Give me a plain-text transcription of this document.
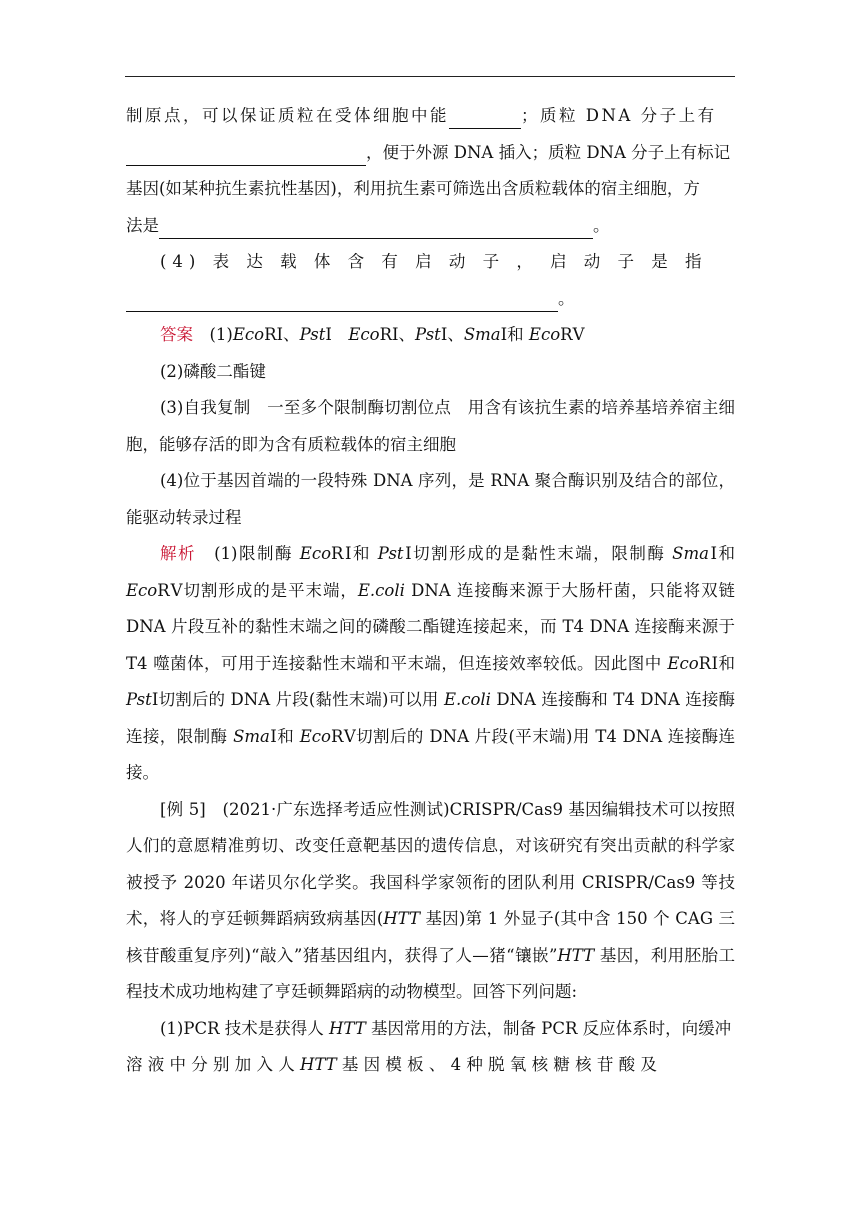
制原点，可以保证质粒在受体细胞中能	；质粒 DNA 分子上有

，便于外源 DNA 插入；质粒 DNA 分子上有标记

基因(如某种抗生素抗性基因)，利用抗生素可筛选出含质粒载体的宿主细胞，方

法是	。

(4) 表 达 载 体 含 有 启 动 子 ， 启 动 子 是 指

。

答案　 (1)EcoRⅠ、PstⅠ　EcoRⅠ、PstⅠ、SmaⅠ和 EcoRⅤ

(2)磷酸二酯键

(3)自我复制　一至多个限制酶切割位点　用含有该抗生素的培养基培养宿主细胞，能够存活的即为含有质粒载体的宿主细胞

(4)位于基因首端的一段特殊 DNA 序列，是 RNA 聚合酶识别及结合的部位，能驱动转录过程

解析　 (1)限制酶 EcoRⅠ和 PstⅠ切割形成的是黏性末端，限制酶 SmaⅠ和EcoRⅤ切割形成的是平末端，E.coli DNA 连接酶来源于大肠杆菌，只能将双链 DNA 片段互补的黏性末端之间的磷酸二酯键连接起来，而 T4 DNA 连接酶来源于 T4 噬菌体，可用于连接黏性末端和平末端，但连接效率较低。因此图中 EcoRⅠ和 PstⅠ切割后的 DNA 片段(黏性末端)可以用 E.coli DNA 连接酶和 T4 DNA 连接酶连接，限制酶 SmaⅠ和 EcoRⅤ切割后的 DNA 片段(平末端)用 T4 DNA 连接酶连接。

[例 5]　(2021·广东选择考适应性测试)CRISPR/Cas9 基因编辑技术可以按照人们的意愿精准剪切、改变任意靶基因的遗传信息，对该研究有突出贡献的科学家被授予 2020 年诺贝尔化学奖。我国科学家领衔的团队利用 CRISPR/Cas9 等技术，将人的亨廷顿舞蹈病致病基因(HTT 基因)第 1 外显子(其中含 150 个 CAG 三核苷酸重复序列)“敲入”猪基因组内，获得了人—猪“镶嵌”HTT 基因，利用胚胎工程技术成功地构建了亨廷顿舞蹈病的动物模型。回答下列问题:

(1)PCR 技术是获得人 HTT 基因常用的方法，制备 PCR 反应体系时，向缓冲

溶 液 中 分 别 加 入 人 HTT 基 因 模 板 、 4 种 脱 氧 核 糖 核 苷 酸 及
